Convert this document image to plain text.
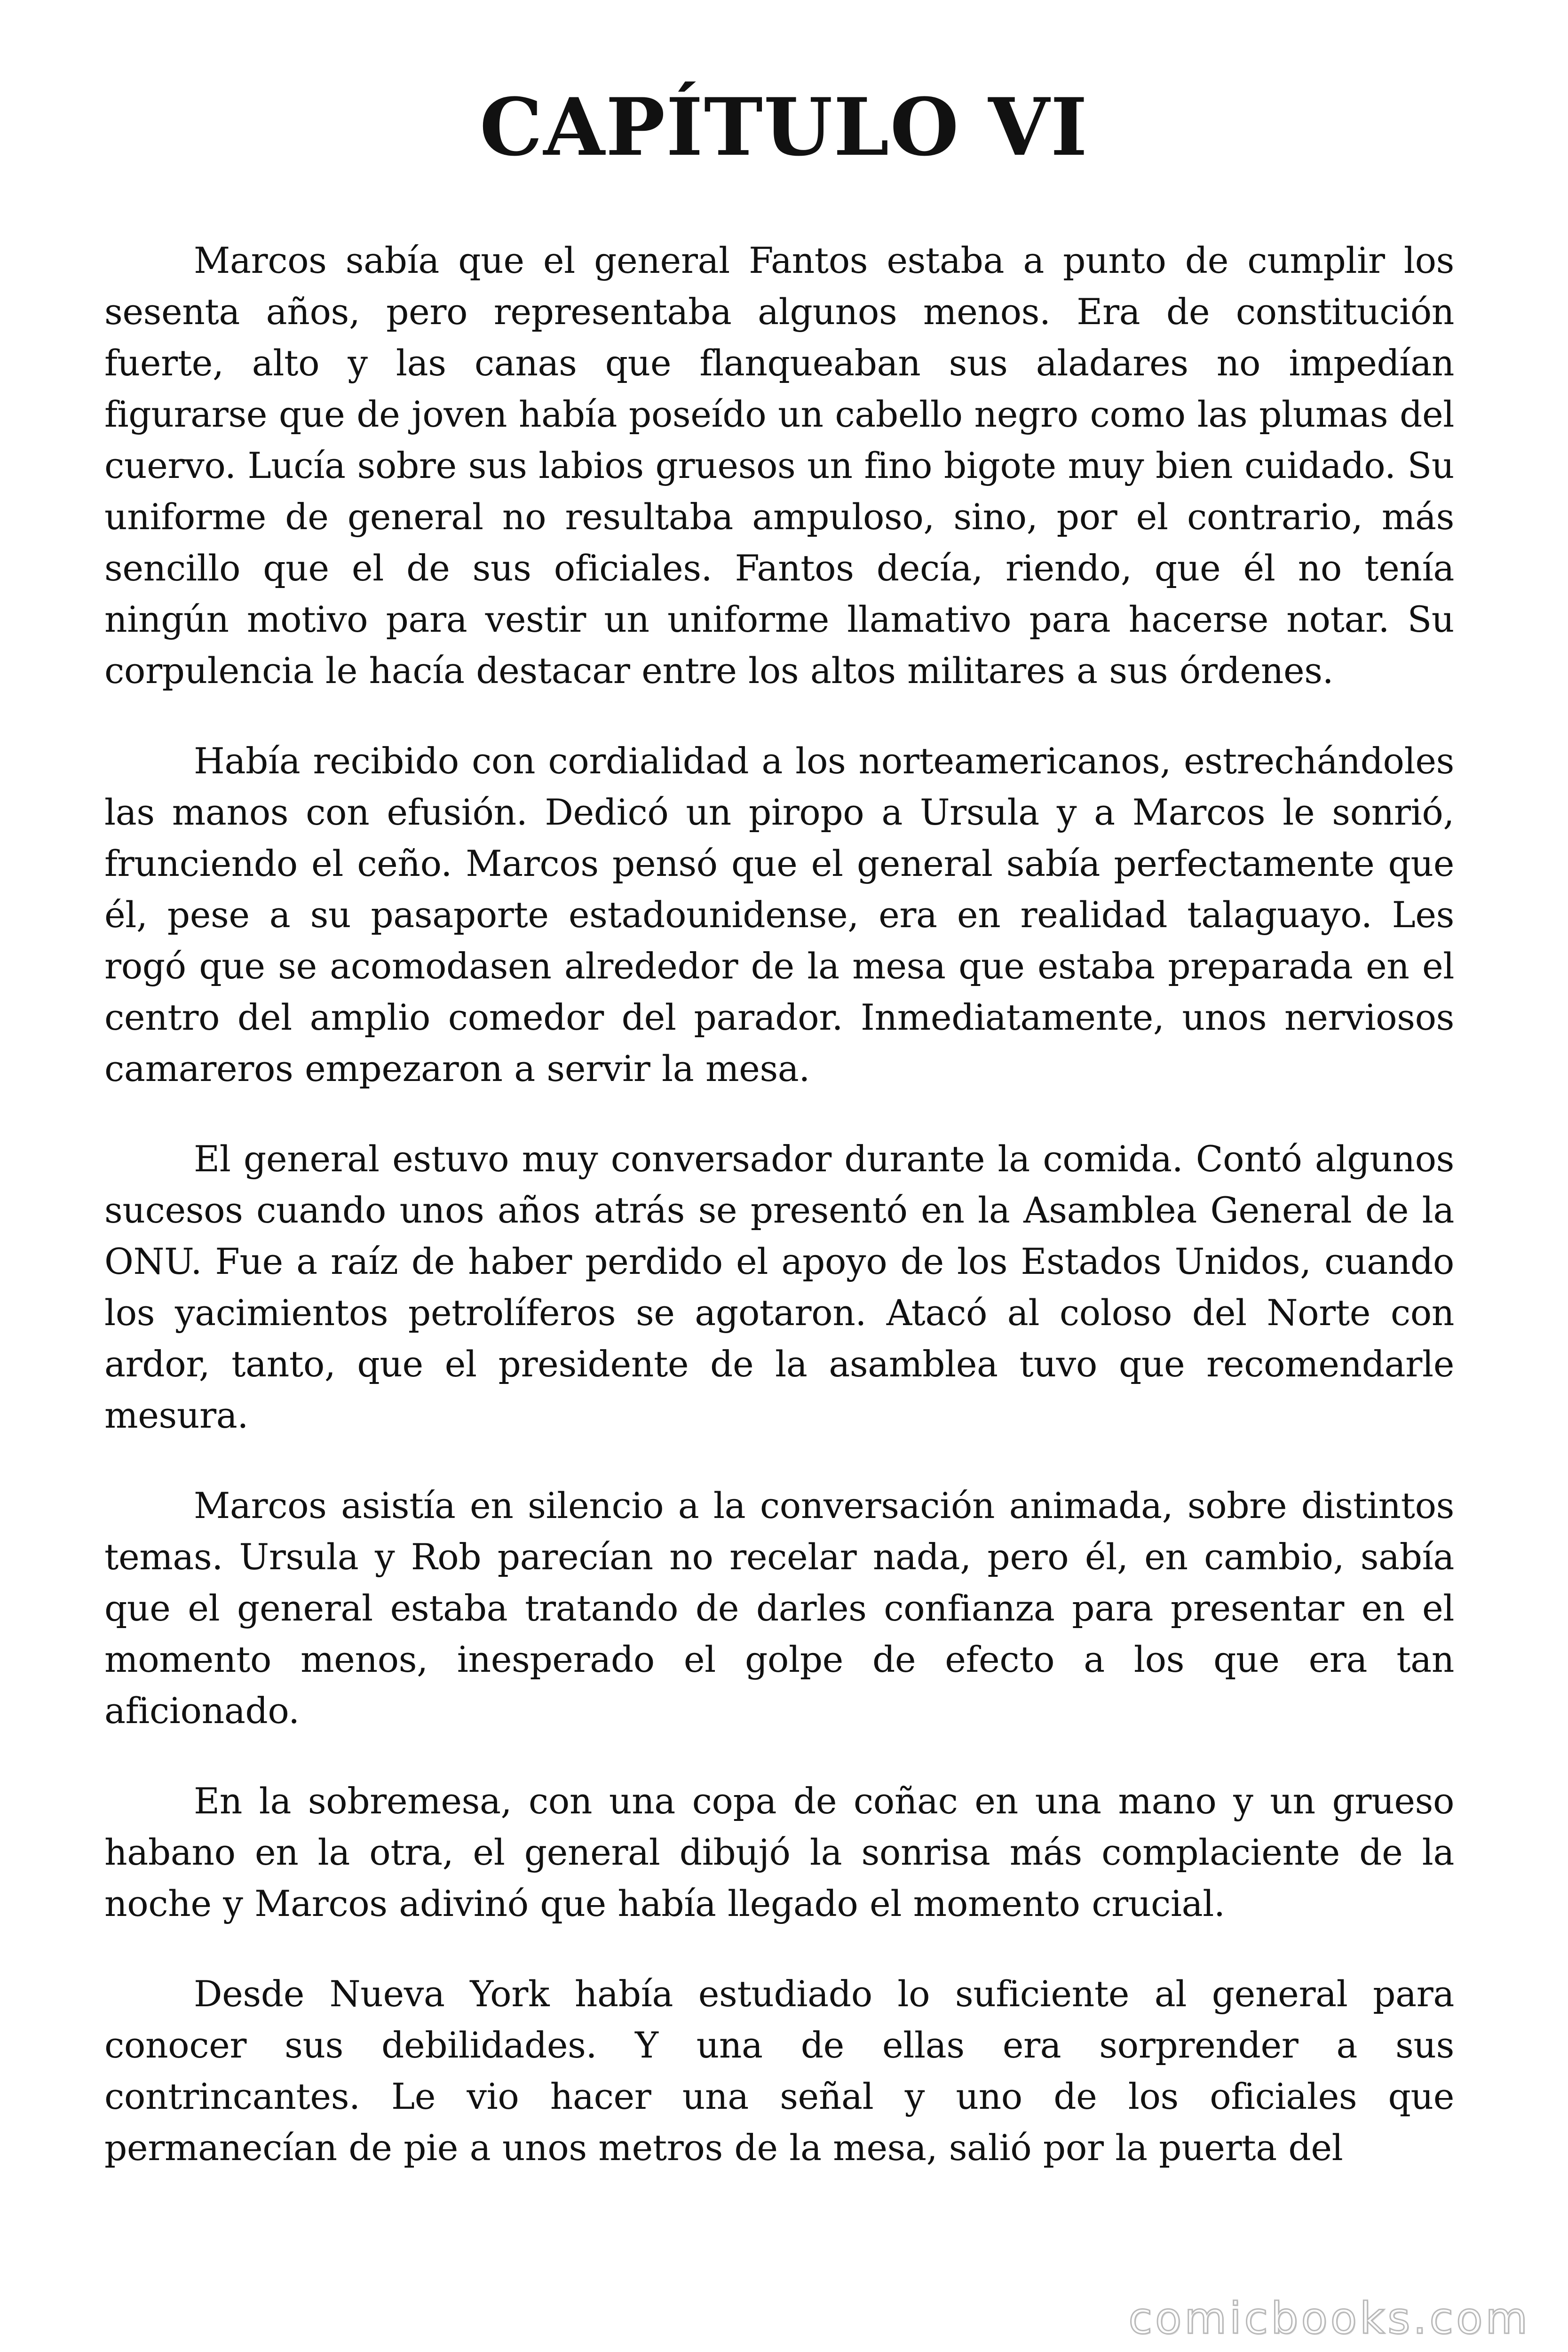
CAPÍTULO VI

Marcos sabía que el general Fantos estaba a punto de cumplir los sesenta años, pero representaba algunos menos. Era de constitución fuerte, alto y las canas que flanqueaban sus aladares no impedían figurarse que de joven había poseído un cabello negro como las plumas del cuervo. Lucía sobre sus labios gruesos un fino bigote muy bien cuidado. Su uniforme de general no resultaba ampuloso, sino, por el contrario, más sencillo que el de sus oficiales. Fantos decía, riendo, que él no tenía ningún motivo para vestir un uniforme llamativo para hacerse notar. Su corpulencia le hacía destacar entre los altos militares a sus órdenes.

Había recibido con cordialidad a los norteamericanos, estrechándoles las manos con efusión. Dedicó un piropo a Ursula y a Marcos le sonrió, frunciendo el ceño. Marcos pensó que el general sabía perfectamente que él, pese a su pasaporte estadounidense, era en realidad talaguayo. Les rogó que se acomodasen alrededor de la mesa que estaba preparada en el centro del amplio comedor del parador. Inmediatamente, unos nerviosos camareros empezaron a servir la mesa.

El general estuvo muy conversador durante la comida. Contó algunos sucesos cuando unos años atrás se presentó en la Asamblea General de la ONU. Fue a raíz de haber perdido el apoyo de los Estados Unidos, cuando los yacimientos petrolíferos se agotaron. Atacó al coloso del Norte con ardor, tanto, que el presidente de la asamblea tuvo que recomendarle mesura.

Marcos asistía en silencio a la conversación animada, sobre distintos temas. Ursula y Rob parecían no recelar nada, pero él, en cambio, sabía que el general estaba tratando de darles confianza para presentar en el momento menos, inesperado el golpe de efecto a los que era tan aficionado.

En la sobremesa, con una copa de coñac en una mano y un grueso habano en la otra, el general dibujó la sonrisa más complaciente de la noche y Marcos adivinó que había llegado el momento crucial.

Desde Nueva York había estudiado lo suficiente al general para conocer sus debilidades. Y una de ellas era sorprender a sus contrincantes. Le vio hacer una señal y uno de los oficiales que permanecían de pie a unos metros de la mesa, salió por la puerta del

comicbooks.com
